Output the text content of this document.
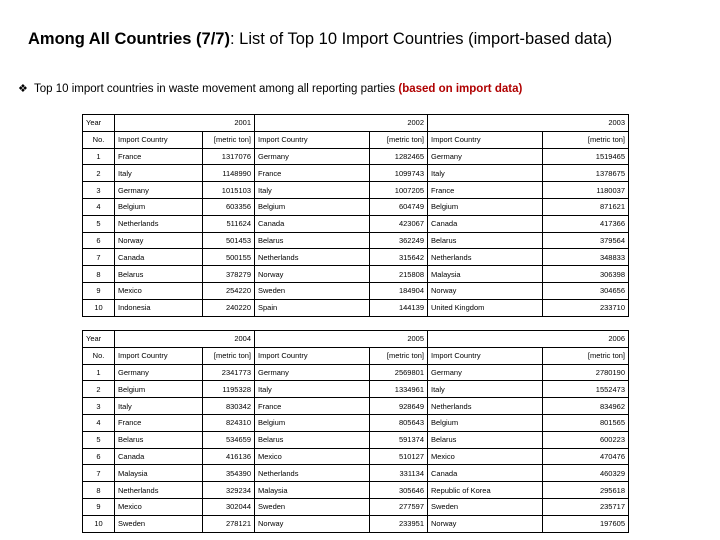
Among All Countries (7/7): List of Top 10 Import Countries (import-based data)
❖ Top 10 import countries in waste movement among all reporting parties (based on import data)
Year	2001		2002		2003	
No.	Import Country	[metric ton]	Import Country	[metric ton]	Import Country	[metric ton]
1	France	1317076	Germany	1282465	Germany	1519465
2	Italy	1148990	France	1099743	Italy	1378675
3	Germany	1015103	Italy	1007205	France	1180037
4	Belgium	603356	Belgium	604749	Belgium	871621
5	Netherlands	511624	Canada	423067	Canada	417366
6	Norway	501453	Belarus	362249	Belarus	379564
7	Canada	500155	Netherlands	315642	Netherlands	348833
8	Belarus	378279	Norway	215808	Malaysia	306398
9	Mexico	254220	Sweden	184904	Norway	304656
10	Indonesia	240220	Spain	144139	United Kingdom	233710
Year	2004		2005		2006	
No.	Import Country	[metric ton]	Import Country	[metric ton]	Import Country	[metric ton]
1	Germany	2341773	Germany	2569801	Germany	2780190
2	Belgium	1195328	Italy	1334961	Italy	1552473
3	Italy	830342	France	928649	Netherlands	834962
4	France	824310	Belgium	805643	Belgium	801565
5	Belarus	534659	Belarus	591374	Belarus	600223
6	Canada	416136	Mexico	510127	Mexico	470476
7	Malaysia	354390	Netherlands	331134	Canada	460329
8	Netherlands	329234	Malaysia	305646	Republic of Korea	295618
9	Mexico	302044	Sweden	277597	Sweden	235717
10	Sweden	278121	Norway	233951	Norway	197605
